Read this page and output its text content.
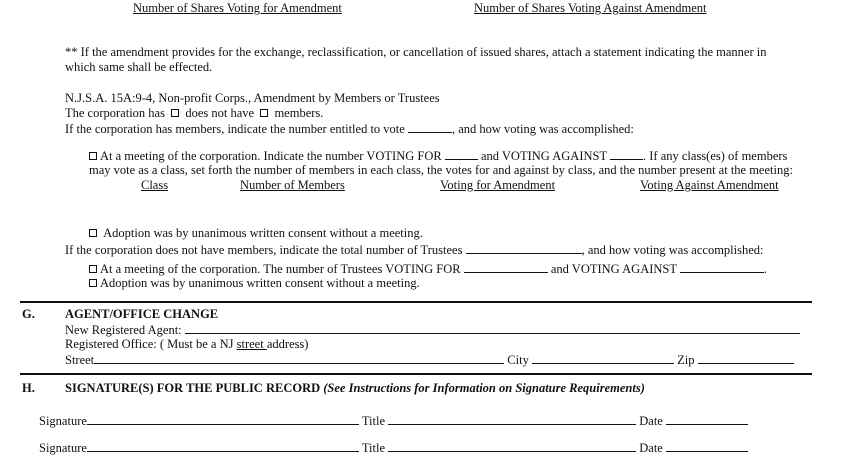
Number of Shares Voting for Amendment	Number of Shares Voting Against Amendment
** If the amendment provides for the exchange, reclassification, or cancellation of issued shares, attach a statement indicating the manner in
which same shall be effected.
N.J.S.A. 15A:9-4, Non-profit Corps., Amendment by Members or Trustees
The corporation has does not have members.
If the corporation has members, indicate the number entitled to vote	, and how voting was accomplished:
At a meeting of the corporation. Indicate the number VOTING FOR	and VOTING AGAINST	. If any class(es) of members
may vote as a class, set forth the number of members in each class, the votes for and against by class, and the number present at the meeting:
Class	Number of Members	Voting for Amendment	Voting Against Amendment
Adoption was by unanimous written consent without a meeting.
If the corporation does not have members, indicate the total number of Trustees	, and how voting was accomplished:
At a meeting of the corporation. The number of Trustees VOTING FOR	and VOTING AGAINST	.
Adoption was by unanimous written consent without a meeting.
G. AGENT/OFFICE CHANGE
New Registered Agent:
Registered Office: ( Must be a NJ street address)
Street	City	Zip
H. SIGNATURE(S) FOR THE PUBLIC RECORD (See Instructions for Information on Signature Requirements)
Signature	Title	Date
Signature	Title	Date
